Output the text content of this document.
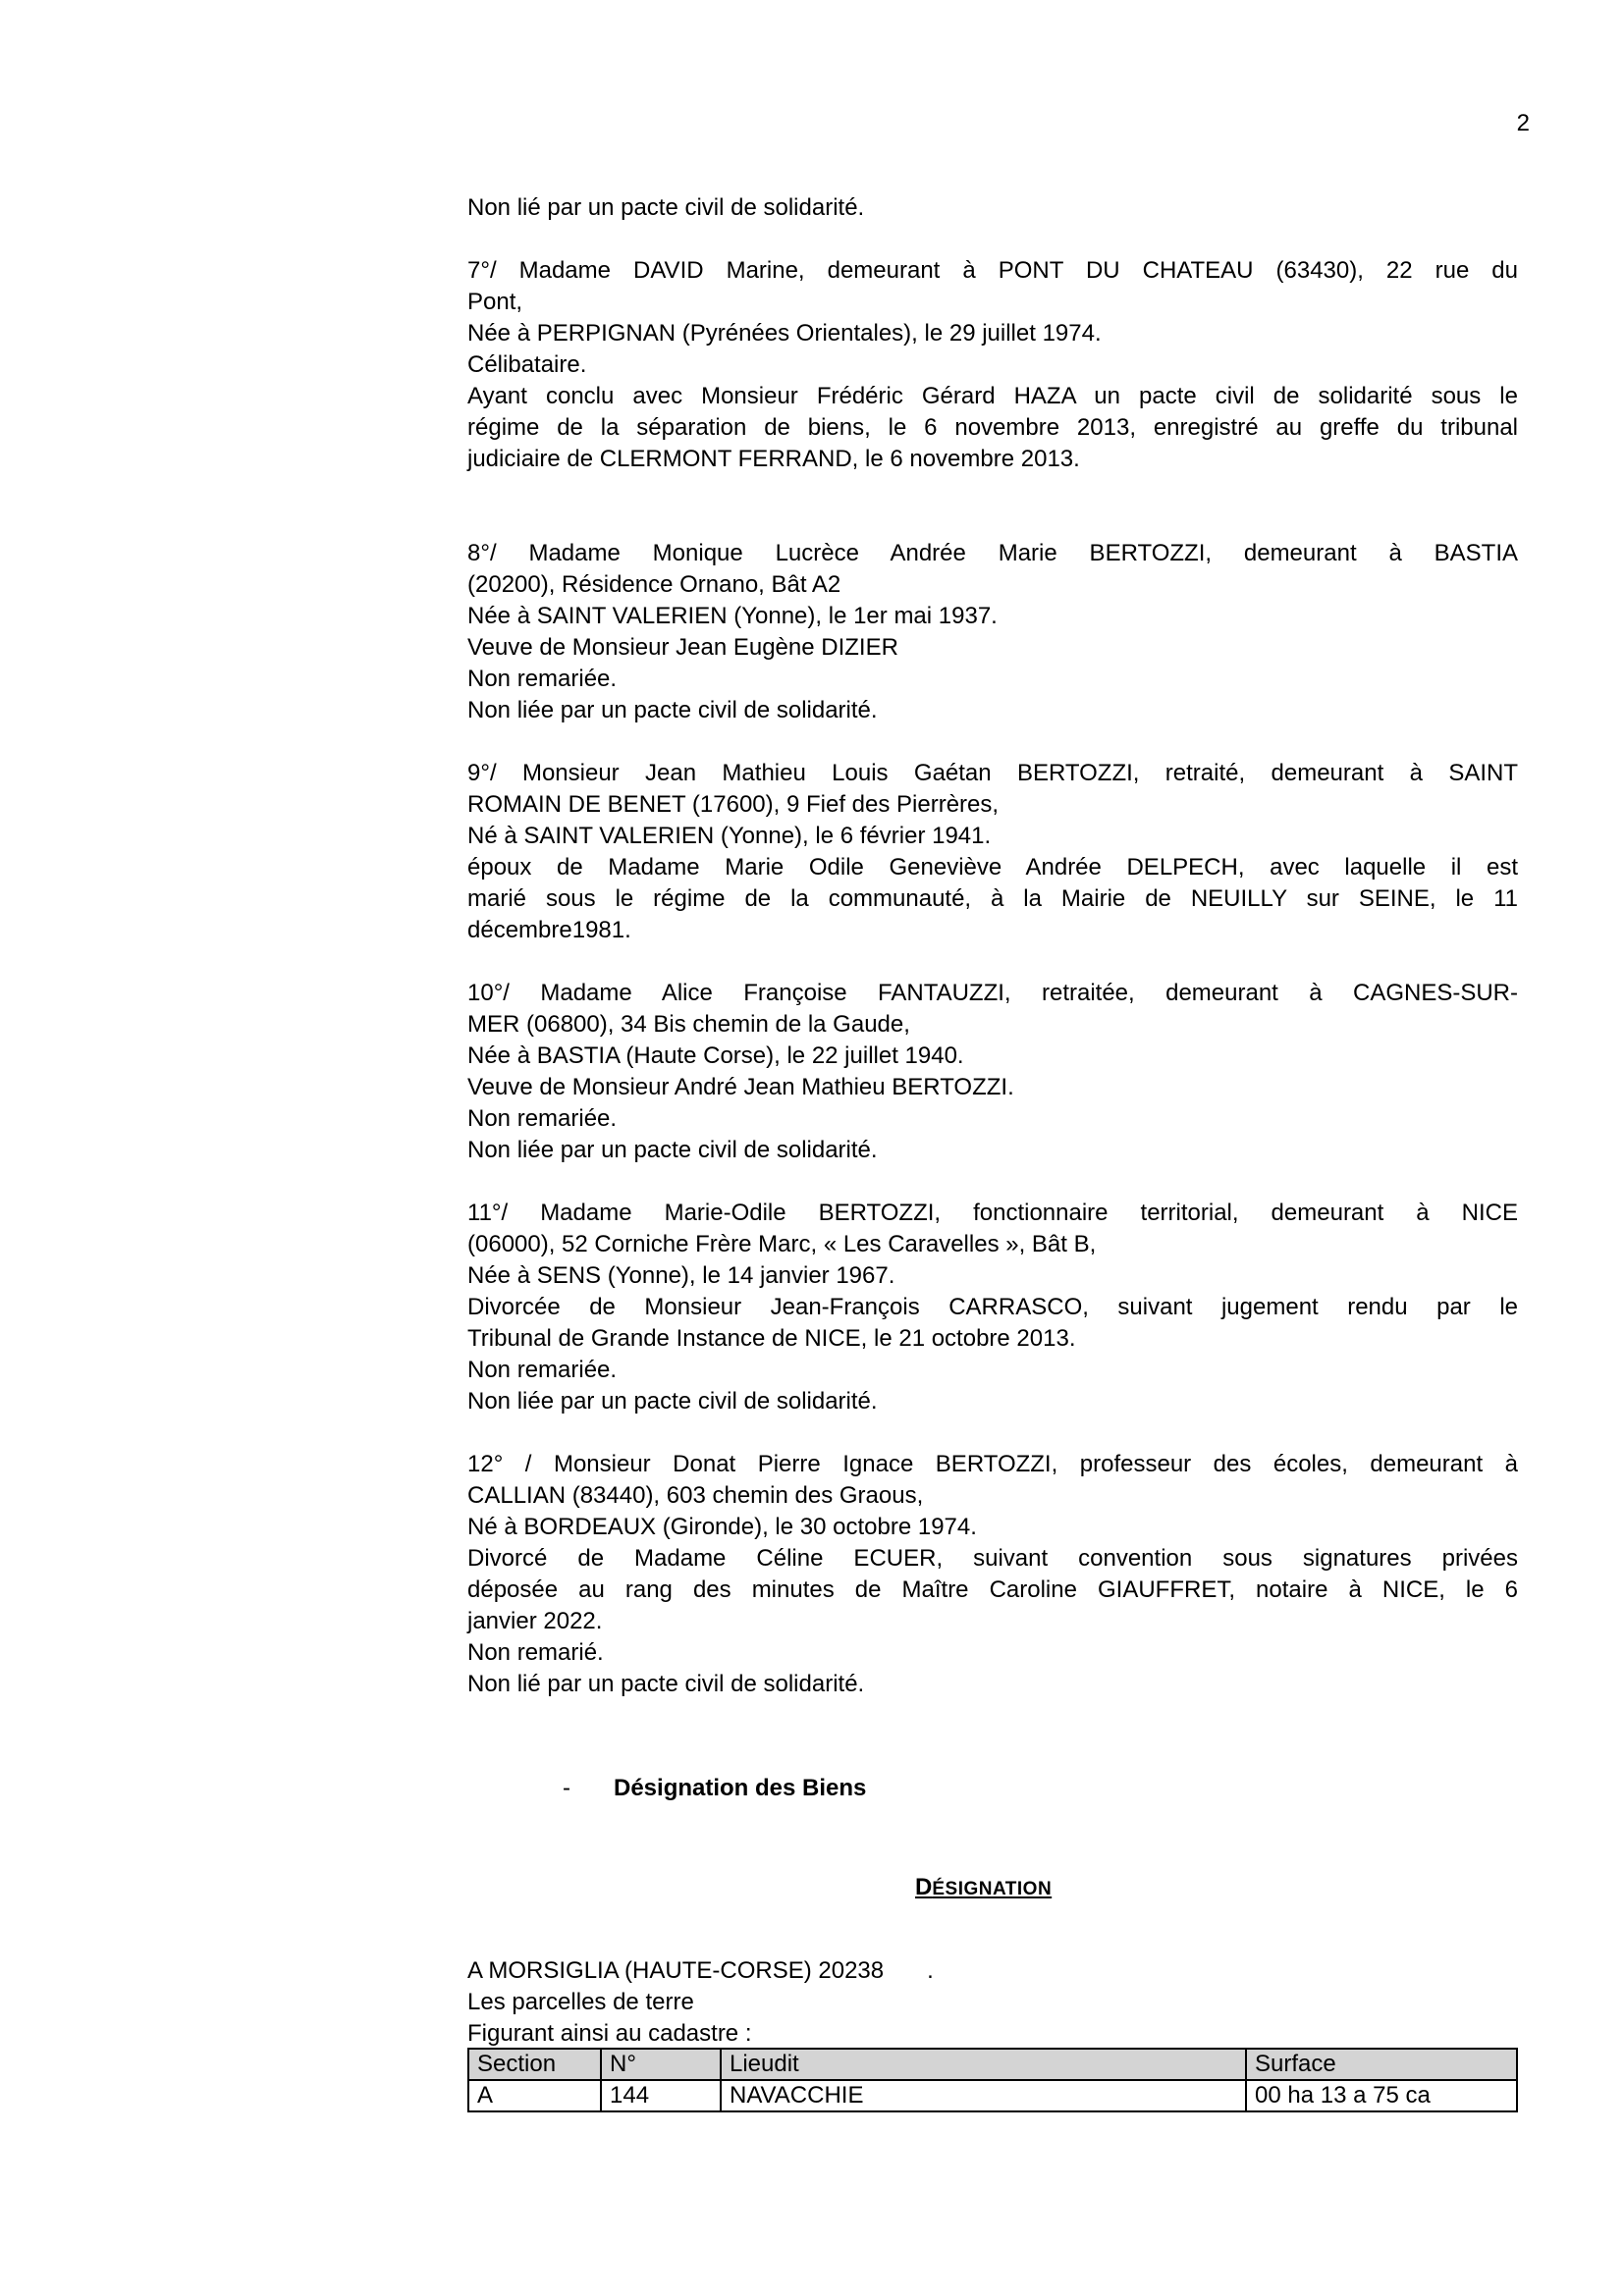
2

Non lié par un pacte civil de solidarité.

7°/ Madame DAVID Marine, demeurant à PONT DU CHATEAU (63430), 22 rue du
Pont,
Née à PERPIGNAN (Pyrénées Orientales), le 29 juillet 1974.
Célibataire.
Ayant conclu avec Monsieur Frédéric Gérard HAZA un pacte civil de solidarité sous le
régime de la séparation de biens, le 6 novembre 2013, enregistré au greffe du tribunal
judiciaire de CLERMONT FERRAND, le 6 novembre 2013.

8°/ Madame Monique Lucrèce Andrée Marie BERTOZZI, demeurant à BASTIA
(20200), Résidence Ornano, Bât A2
Née à SAINT VALERIEN (Yonne), le 1er mai 1937.
Veuve de Monsieur Jean Eugène DIZIER
Non remariée.
Non liée par un pacte civil de solidarité.

9°/ Monsieur Jean Mathieu Louis Gaétan BERTOZZI, retraité, demeurant à SAINT
ROMAIN DE BENET (17600), 9 Fief des Pierrères,
Né à SAINT VALERIEN (Yonne), le 6 février 1941.
époux de Madame Marie Odile Geneviève Andrée DELPECH, avec laquelle il est
marié sous le régime de la communauté, à la Mairie de NEUILLY sur SEINE, le 11
décembre1981.

10°/ Madame Alice Françoise FANTAUZZI, retraitée, demeurant à CAGNES-SUR-
MER (06800), 34 Bis chemin de la Gaude,
Née à BASTIA (Haute Corse), le 22 juillet 1940.
Veuve de Monsieur André Jean Mathieu BERTOZZI.
Non remariée.
Non liée par un pacte civil de solidarité.

11°/ Madame Marie-Odile BERTOZZI, fonctionnaire territorial, demeurant à NICE
(06000), 52 Corniche Frère Marc, « Les Caravelles », Bât B,
Née à SENS (Yonne), le 14 janvier 1967.
Divorcée de Monsieur Jean-François CARRASCO, suivant jugement rendu par le
Tribunal de Grande Instance de NICE, le 21 octobre 2013.
Non remariée.
Non liée par un pacte civil de solidarité.

12° / Monsieur Donat Pierre Ignace BERTOZZI, professeur des écoles, demeurant à
CALLIAN (83440), 603 chemin des Graous,
Né à BORDEAUX (Gironde), le 30 octobre 1974.
Divorcé de Madame Céline ECUER, suivant convention sous signatures privées
déposée au rang des minutes de Maître Caroline GIAUFFRET, notaire à NICE, le 6
janvier 2022.
Non remarié.
Non lié par un pacte civil de solidarité.

- Désignation des Biens
DÉSIGNATION
A MORSIGLIA (HAUTE-CORSE) 20238 .
Les parcelles de terre
Figurant ainsi au cadastre :
Section	N°	Lieudit	Surface
A	144	NAVACCHIE	00 ha 13 a 75 ca
